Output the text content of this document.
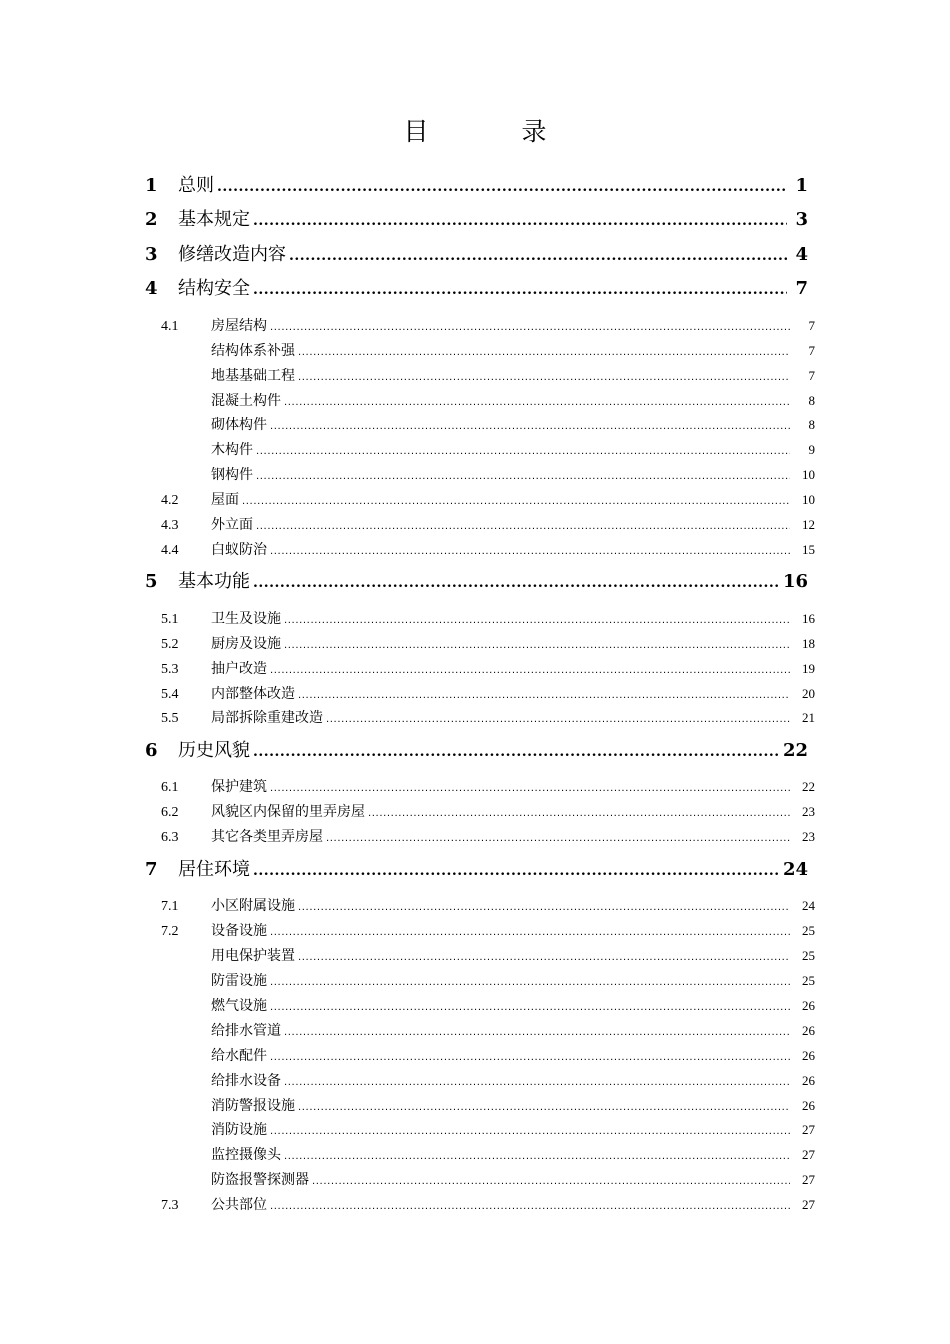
目　录
1	总则 .....	1
2	基本规定 .....	3
3	修缮改造内容 .....	4
4	结构安全 .....	7
4.1	房屋结构 .....	7
结构体系补强 .....	7
地基基础工程 .....	7
混凝土构件 .....	8
砌体构件 .....	8
木构件 .....	9
钢构件 .....	10
4.2	屋面 .....	10
4.3	外立面 .....	12
4.4	白蚁防治 .....	15
5	基本功能 .....	16
5.1	卫生及设施 .....	16
5.2	厨房及设施 .....	18
5.3	抽户改造 .....	19
5.4	内部整体改造 .....	20
5.5	局部拆除重建改造 .....	21
6	历史风貌 .....	22
6.1	保护建筑 .....	22
6.2	风貌区内保留的里弄房屋 .....	23
6.3	其它各类里弄房屋 .....	23
7	居住环境 .....	24
7.1	小区附属设施 .....	24
7.2	设备设施 .....	25
用电保护装置 .....	25
防雷设施 .....	25
燃气设施 .....	26
给排水管道 .....	26
给水配件 .....	26
给排水设备 .....	26
消防警报设施 .....	26
消防设施 .....	27
监控摄像头 .....	27
防盗报警探测器 .....	27
7.3	公共部位 .....	27
